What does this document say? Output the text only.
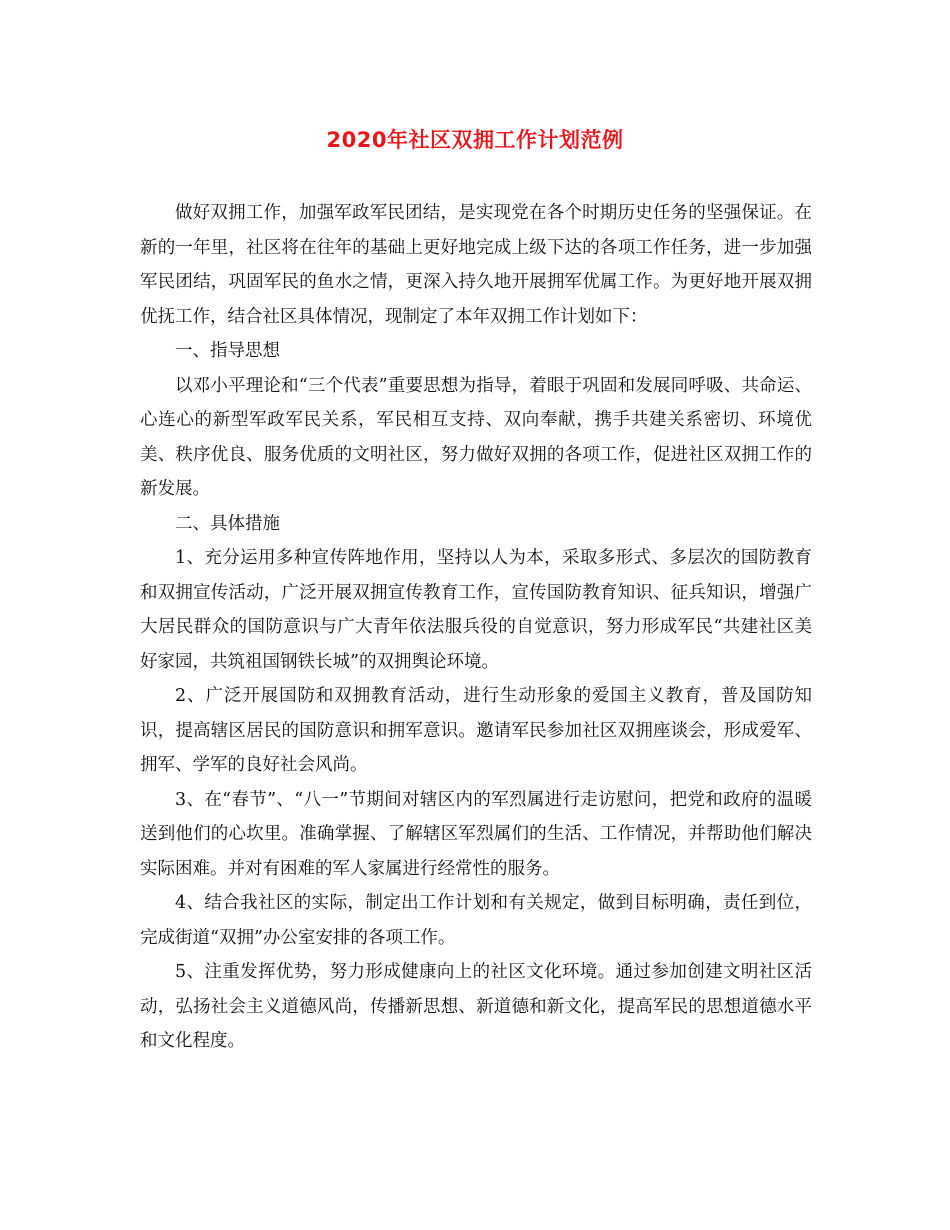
2020年社区双拥工作计划范例

做好双拥工作，加强军政军民团结，是实现党在各个时期历史任务的坚强保证。在新的一年里，社区将在往年的基础上更好地完成上级下达的各项工作任务，进一步加强军民团结，巩固军民的鱼水之情，更深入持久地开展拥军优属工作。为更好地开展双拥优抚工作，结合社区具体情况，现制定了本年双拥工作计划如下：

一、指导思想

以邓小平理论和“三个代表”重要思想为指导，着眼于巩固和发展同呼吸、共命运、心连心的新型军政军民关系，军民相互支持、双向奉献，携手共建关系密切、环境优美、秩序优良、服务优质的文明社区，努力做好双拥的各项工作，促进社区双拥工作的新发展。

二、具体措施

1、充分运用多种宣传阵地作用，坚持以人为本，采取多形式、多层次的国防教育和双拥宣传活动，广泛开展双拥宣传教育工作，宣传国防教育知识、征兵知识，增强广大居民群众的国防意识与广大青年依法服兵役的自觉意识，努力形成军民“共建社区美好家园，共筑祖国钢铁长城”的双拥舆论环境。

2、广泛开展国防和双拥教育活动，进行生动形象的爱国主义教育，普及国防知识，提高辖区居民的国防意识和拥军意识。邀请军民参加社区双拥座谈会，形成爱军、拥军、学军的良好社会风尚。

3、在“春节”、“八一”节期间对辖区内的军烈属进行走访慰问，把党和政府的温暖送到他们的心坎里。准确掌握、了解辖区军烈属们的生活、工作情况，并帮助他们解决实际困难。并对有困难的军人家属进行经常性的服务。

4、结合我社区的实际，制定出工作计划和有关规定，做到目标明确，责任到位，完成街道“双拥”办公室安排的各项工作。

5、注重发挥优势，努力形成健康向上的社区文化环境。通过参加创建文明社区活动，弘扬社会主义道德风尚，传播新思想、新道德和新文化，提高军民的思想道德水平和文化程度。
